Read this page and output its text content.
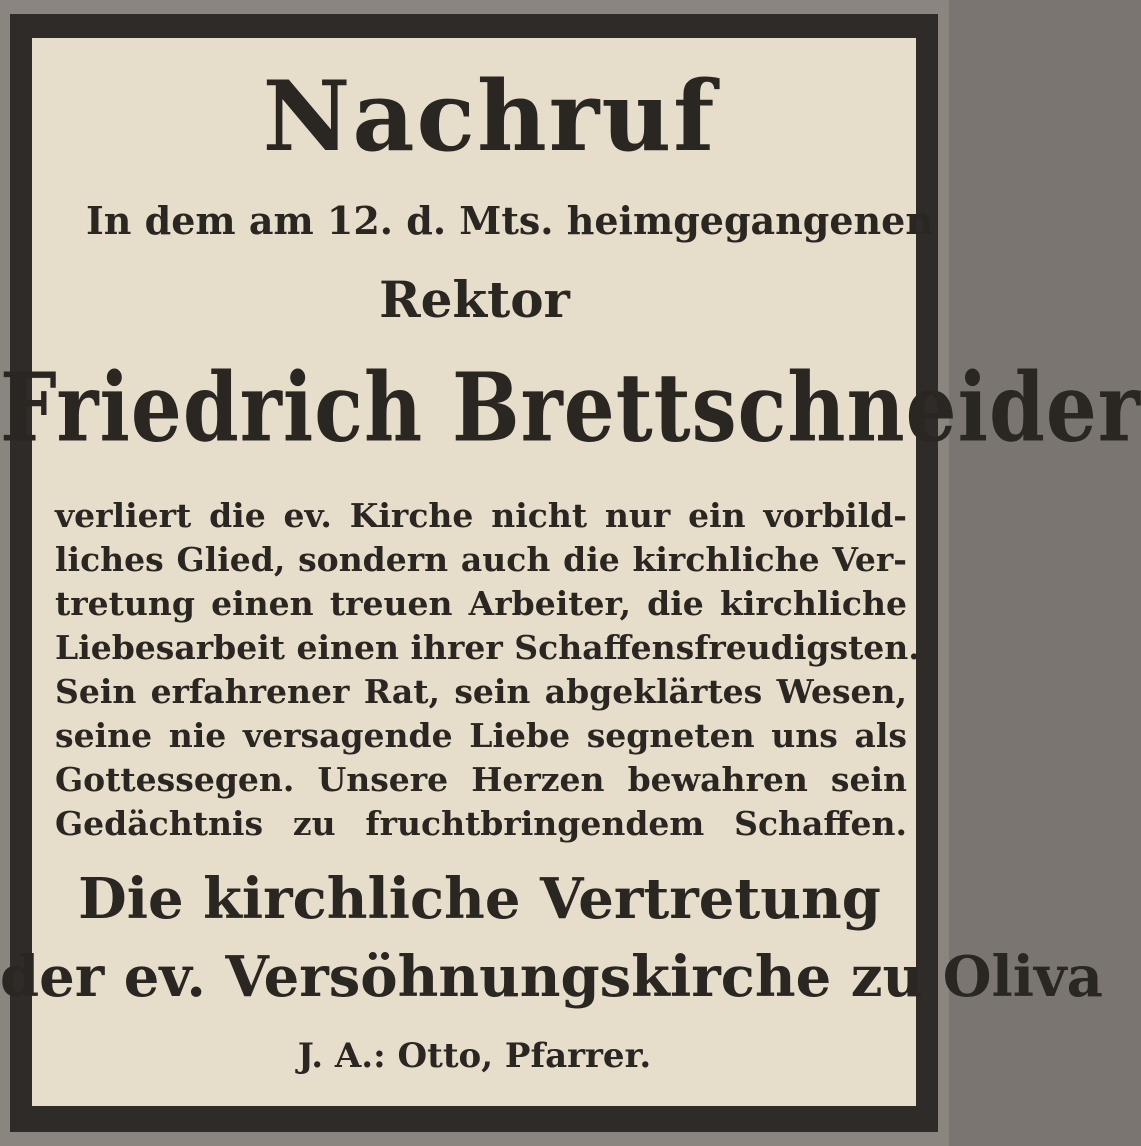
Nachruf
In dem am 12. d. Mts. heimgegangenen
Rektor
Friedrich Brettschneider
verliert die ev. Kirche nicht nur ein vorbild-
liches Glied, sondern auch die kirchliche Ver-
tretung einen treuen Arbeiter, die kirchliche
Liebesarbeit einen ihrer Schaffensfreudigsten.
Sein erfahrener Rat, sein abgeklärtes Wesen,
seine nie versagende Liebe segneten uns als
Gottessegen. Unsere Herzen bewahren sein
Gedächtnis zu fruchtbringendem Schaffen.
Die kirchliche Vertretung
der ev. Versöhnungskirche zu Oliva
J. A.: Otto, Pfarrer.
